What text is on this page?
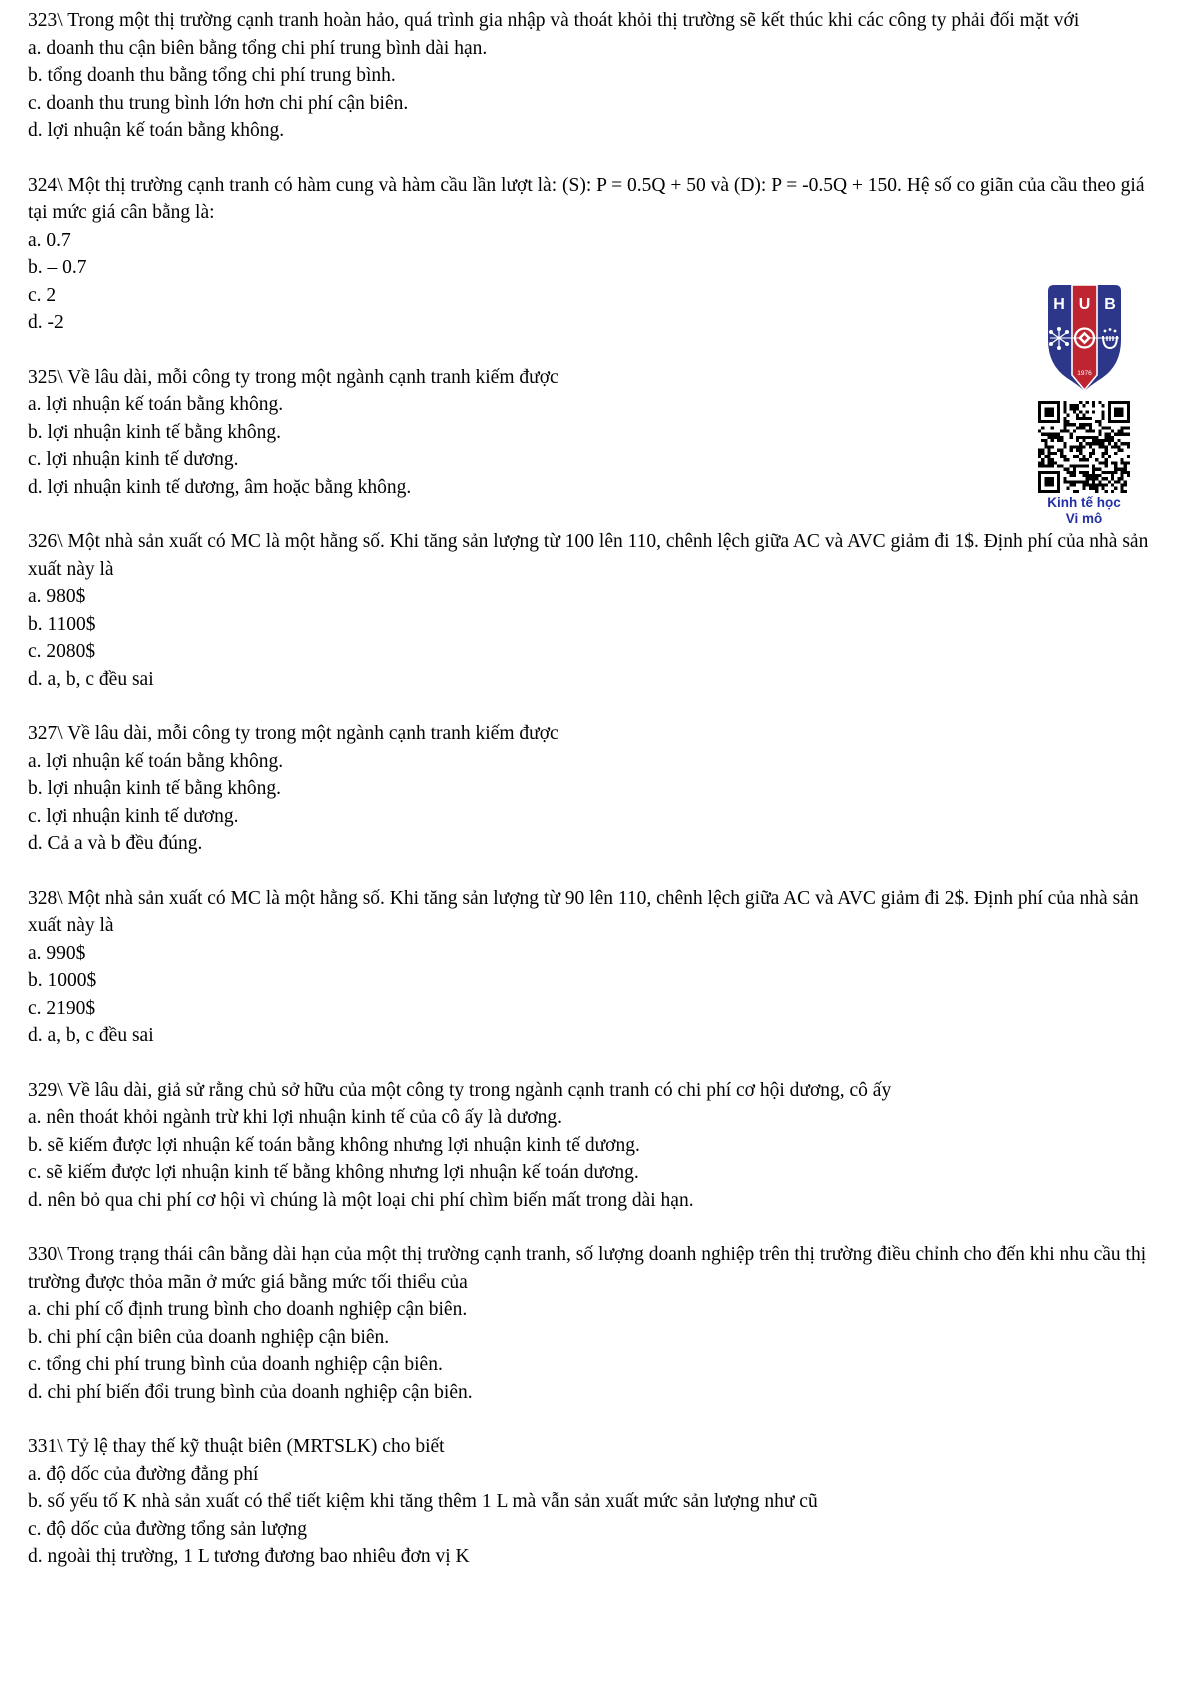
323\ Trong một thị trường cạnh tranh hoàn hảo, quá trình gia nhập và thoát khỏi thị trường sẽ kết thúc khi các công ty phải đối mặt với

a. doanh thu cận biên bằng tổng chi phí trung bình dài hạn.

b. tổng doanh thu bằng tổng chi phí trung bình.

c. doanh thu trung bình lớn hơn chi phí cận biên.

d. lợi nhuận kế toán bằng không.

324\ Một thị trường cạnh tranh có hàm cung và hàm cầu lần lượt là: (S): P = 0.5Q + 50 và (D): P = -0.5Q + 150. Hệ số co giãn của cầu theo giá tại mức giá cân bằng là:

a. 0.7

b. – 0.7

c. 2

d. -2

325\ Về lâu dài, mỗi công ty trong một ngành cạnh tranh kiếm được

a. lợi nhuận kế toán bằng không.

b. lợi nhuận kinh tế bằng không.

c. lợi nhuận kinh tế dương.

d. lợi nhuận kinh tế dương, âm hoặc bằng không.

326\ Một nhà sản xuất có MC là một hằng số. Khi tăng sản lượng từ 100 lên 110, chênh lệch giữa AC và AVC giảm đi 1$. Định phí của nhà sản xuất này là

a. 980$

b. 1100$

c. 2080$

d. a, b, c đều sai

327\ Về lâu dài, mỗi công ty trong một ngành cạnh tranh kiếm được

a. lợi nhuận kế toán bằng không.

b. lợi nhuận kinh tế bằng không.

c. lợi nhuận kinh tế dương.

d. Cả a và b đều đúng.

328\ Một nhà sản xuất có MC là một hằng số. Khi tăng sản lượng từ 90 lên 110, chênh lệch giữa AC và AVC giảm đi 2$. Định phí của nhà sản xuất này là

a. 990$

b. 1000$

c. 2190$

d. a, b, c đều sai

329\ Về lâu dài, giả sử rằng chủ sở hữu của một công ty trong ngành cạnh tranh có chi phí cơ hội dương, cô ấy

a. nên thoát khỏi ngành trừ khi lợi nhuận kinh tế của cô ấy là dương.

b. sẽ kiếm được lợi nhuận kế toán bằng không nhưng lợi nhuận kinh tế dương.

c. sẽ kiếm được lợi nhuận kinh tế bằng không nhưng lợi nhuận kế toán dương.

d. nên bỏ qua chi phí cơ hội vì chúng là một loại chi phí chìm biến mất trong dài hạn.

330\ Trong trạng thái cân bằng dài hạn của một thị trường cạnh tranh, số lượng doanh nghiệp trên thị trường điều chỉnh cho đến khi nhu cầu thị trường được thỏa mãn ở mức giá bằng mức tối thiểu của

a. chi phí cố định trung bình cho doanh nghiệp cận biên.

b. chi phí cận biên của doanh nghiệp cận biên.

c. tổng chi phí trung bình của doanh nghiệp cận biên.

d. chi phí biến đổi trung bình của doanh nghiệp cận biên.

331\ Tỷ lệ thay thế kỹ thuật biên (MRTSLK) cho biết

a. độ dốc của đường đẳng phí

b. số yếu tố K nhà sản xuất có thể tiết kiệm khi tăng thêm 1 L mà vẫn sản xuất mức sản lượng như cũ

c. độ dốc của đường tổng sản lượng

d. ngoài thị trường, 1 L tương đương bao nhiêu đơn vị K

H U B
1976
Kinh tế học
Vi mô
